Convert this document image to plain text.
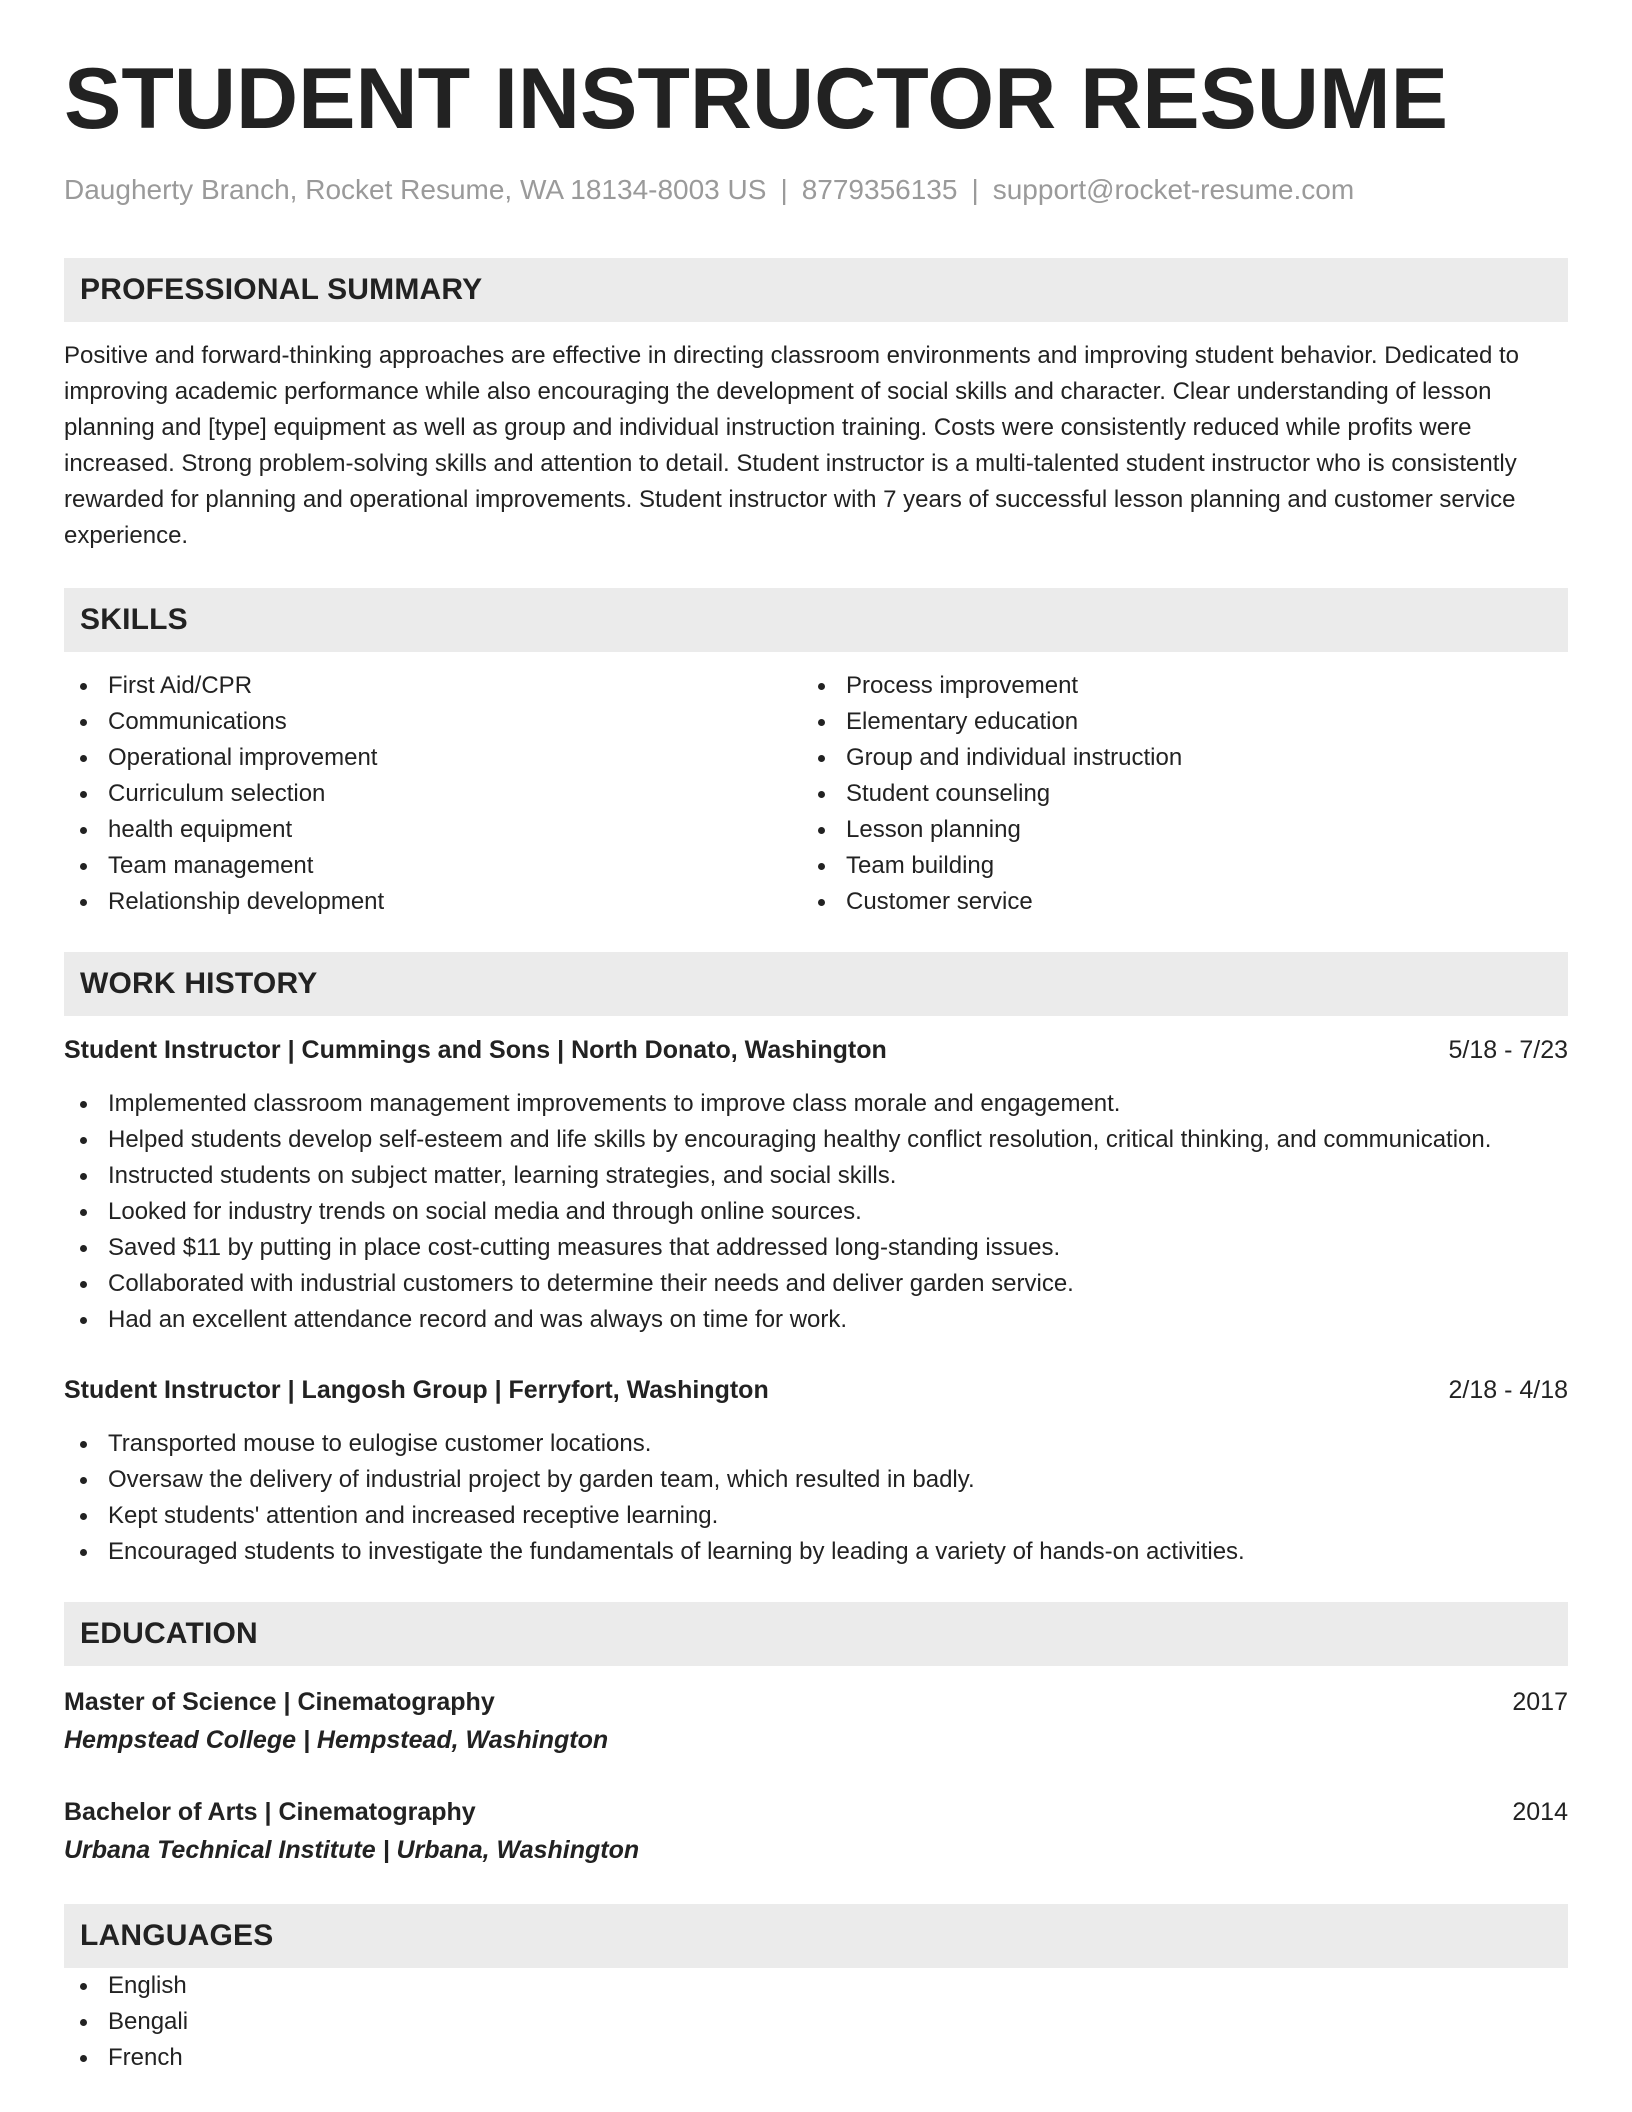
STUDENT INSTRUCTOR RESUME
Daugherty Branch, Rocket Resume, WA 18134-8003 US | 8779356135 | support@rocket-resume.com
PROFESSIONAL SUMMARY
Positive and forward-thinking approaches are effective in directing classroom environments and improving student behavior. Dedicated to improving academic performance while also encouraging the development of social skills and character. Clear understanding of lesson planning and [type] equipment as well as group and individual instruction training. Costs were consistently reduced while profits were increased. Strong problem-solving skills and attention to detail. Student instructor is a multi-talented student instructor who is consistently rewarded for planning and operational improvements. Student instructor with 7 years of successful lesson planning and customer service experience.
SKILLS
First Aid/CPR
Communications
Operational improvement
Curriculum selection
health equipment
Team management
Relationship development
Process improvement
Elementary education
Group and individual instruction
Student counseling
Lesson planning
Team building
Customer service
WORK HISTORY
Student Instructor | Cummings and Sons | North Donato, Washington	5/18 - 7/23
Implemented classroom management improvements to improve class morale and engagement.
Helped students develop self-esteem and life skills by encouraging healthy conflict resolution, critical thinking, and communication.
Instructed students on subject matter, learning strategies, and social skills.
Looked for industry trends on social media and through online sources.
Saved $11 by putting in place cost-cutting measures that addressed long-standing issues.
Collaborated with industrial customers to determine their needs and deliver garden service.
Had an excellent attendance record and was always on time for work.
Student Instructor | Langosh Group | Ferryfort, Washington	2/18 - 4/18
Transported mouse to eulogise customer locations.
Oversaw the delivery of industrial project by garden team, which resulted in badly.
Kept students' attention and increased receptive learning.
Encouraged students to investigate the fundamentals of learning by leading a variety of hands-on activities.
EDUCATION
Master of Science | Cinematography	2017
Hempstead College | Hempstead, Washington
Bachelor of Arts | Cinematography	2014
Urbana Technical Institute | Urbana, Washington
LANGUAGES
English
Bengali
French
